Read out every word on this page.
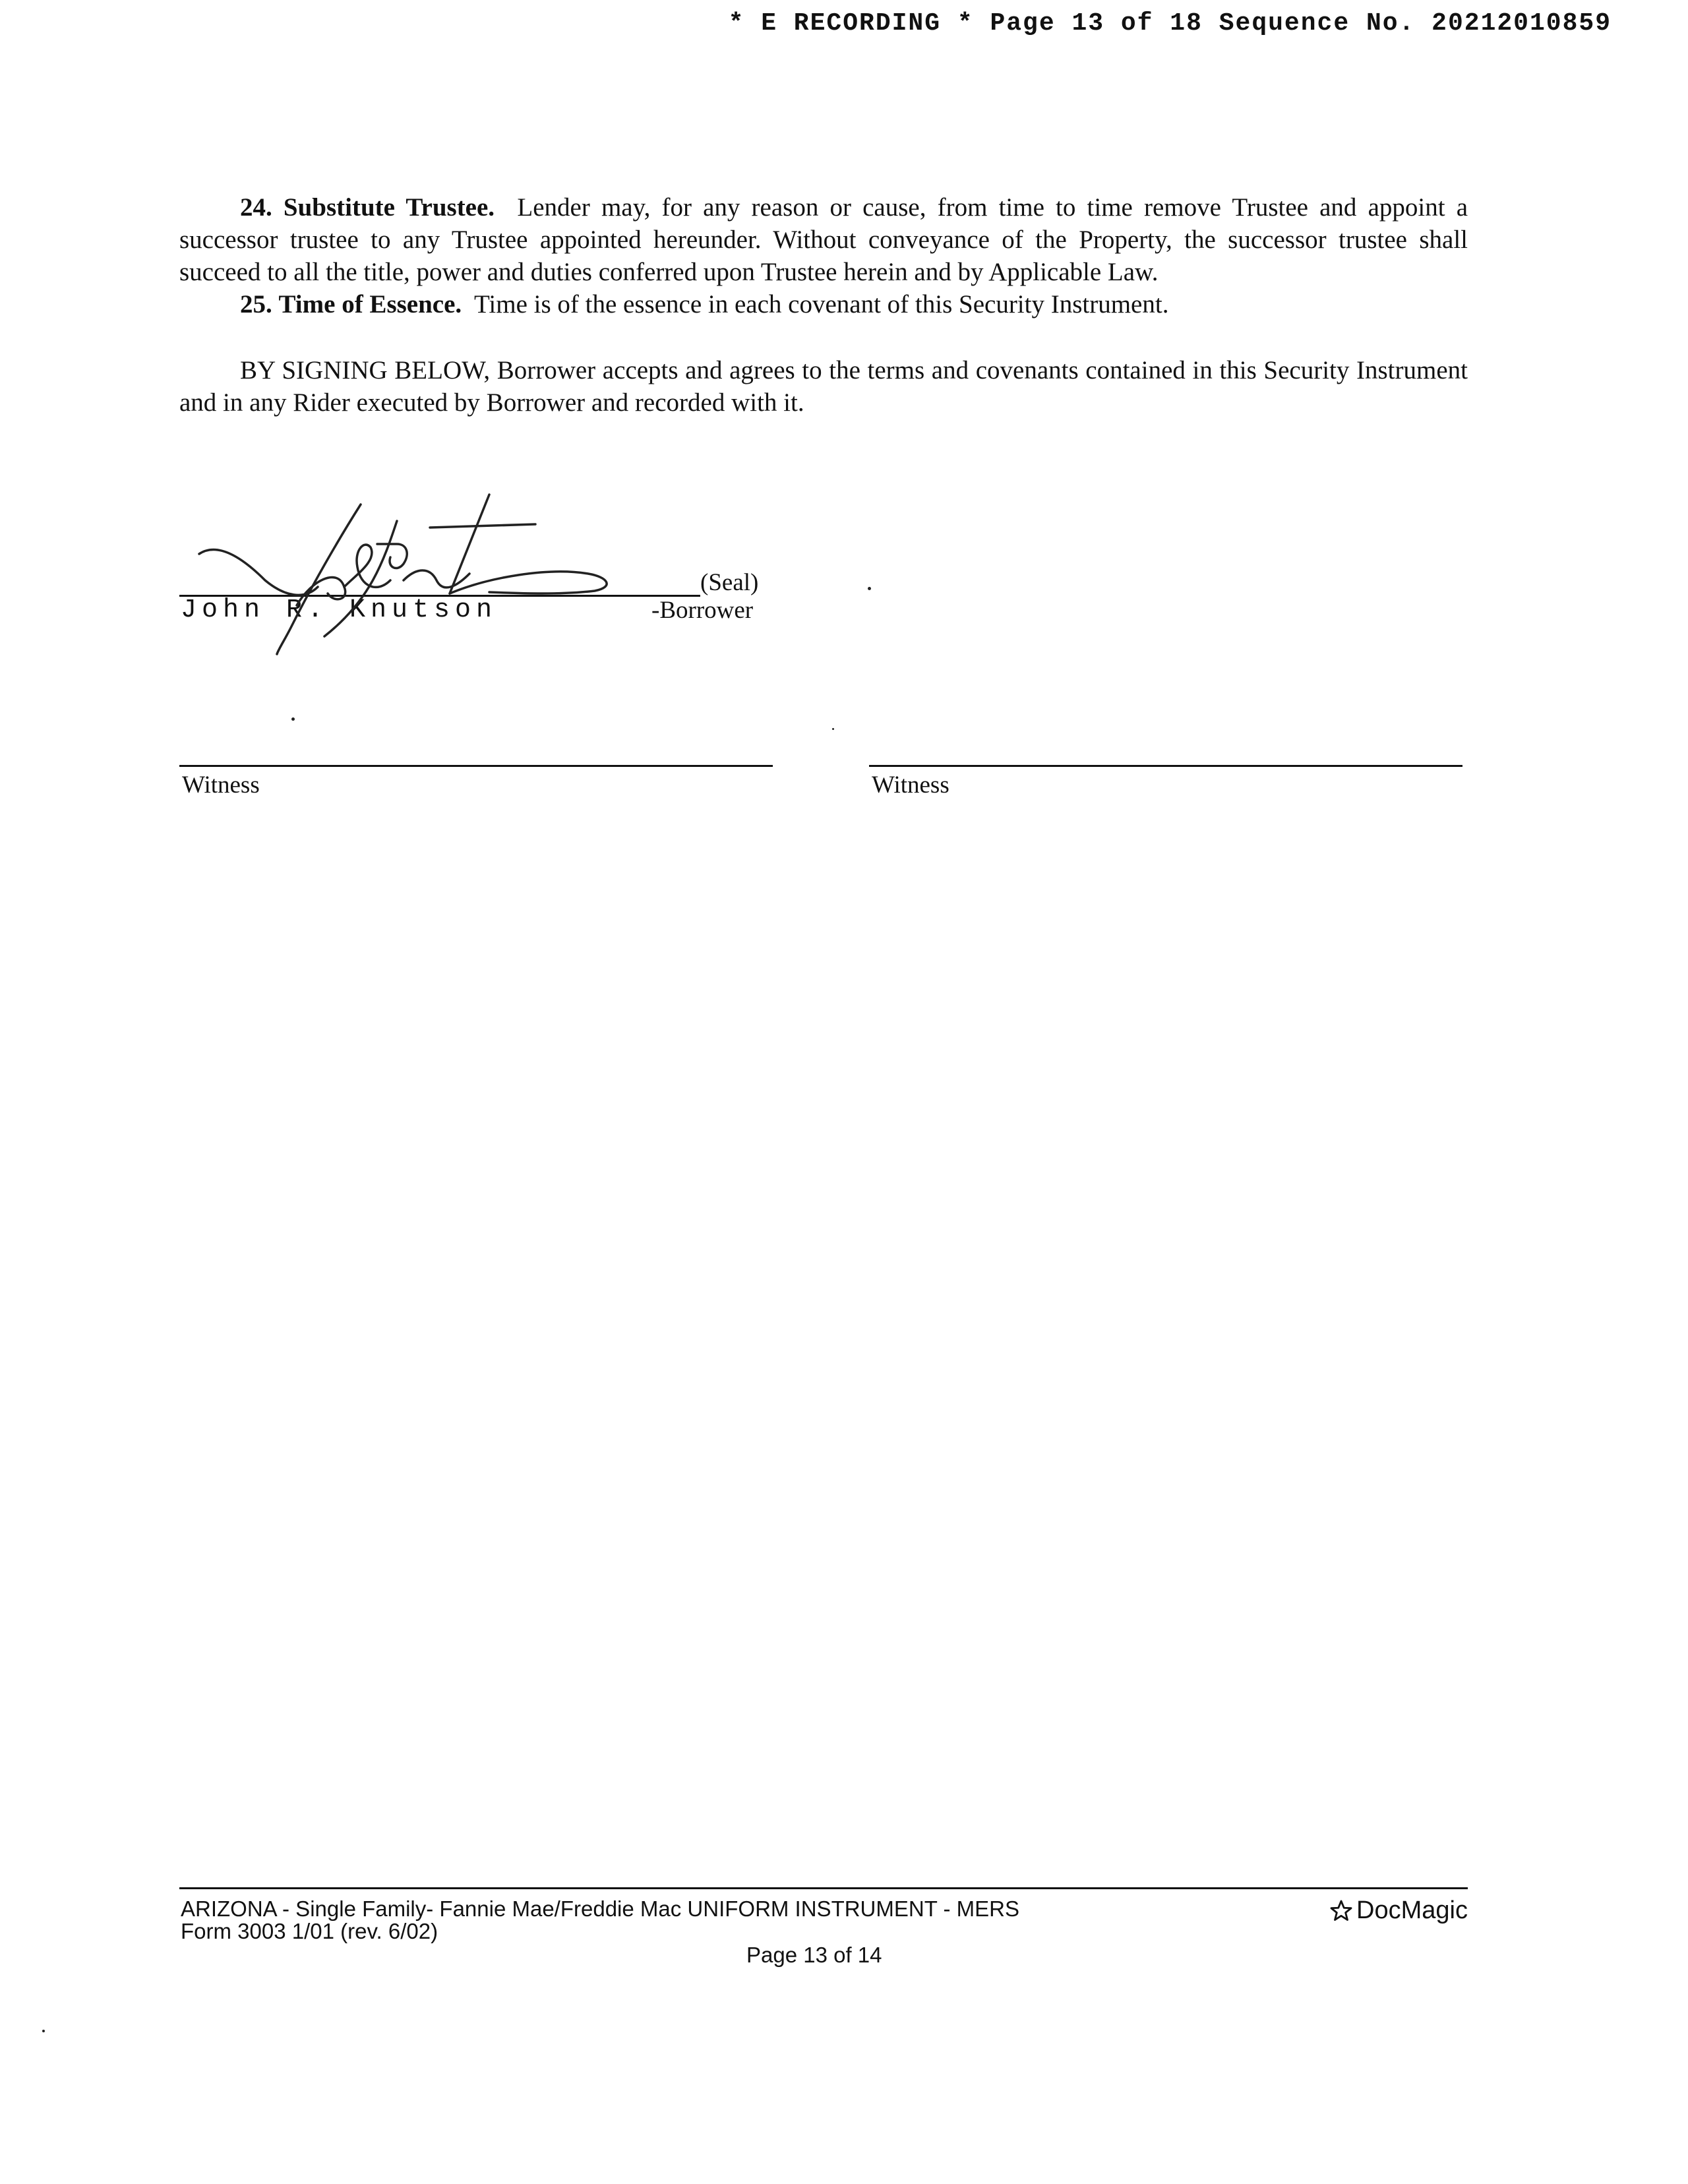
* E RECORDING * Page 13 of 18 Sequence No. 20212010859

24. Substitute Trustee. Lender may, for any reason or cause, from time to time remove Trustee and appoint a successor trustee to any Trustee appointed hereunder. Without conveyance of the Property, the successor trustee shall succeed to all the title, power and duties conferred upon Trustee herein and by Applicable Law.

25. Time of Essence. Time is of the essence in each covenant of this Security Instrument.

BY SIGNING BELOW, Borrower accepts and agrees to the terms and covenants contained in this Security Instrument and in any Rider executed by Borrower and recorded with it.

(Seal)
John R. Knutson	-Borrower
Witness	Witness
ARIZONA - Single Family- Fannie Mae/Freddie Mac UNIFORM INSTRUMENT - MERS
Form 3003 1/01 (rev. 6/02)
Page 13 of 14
DocMagic
